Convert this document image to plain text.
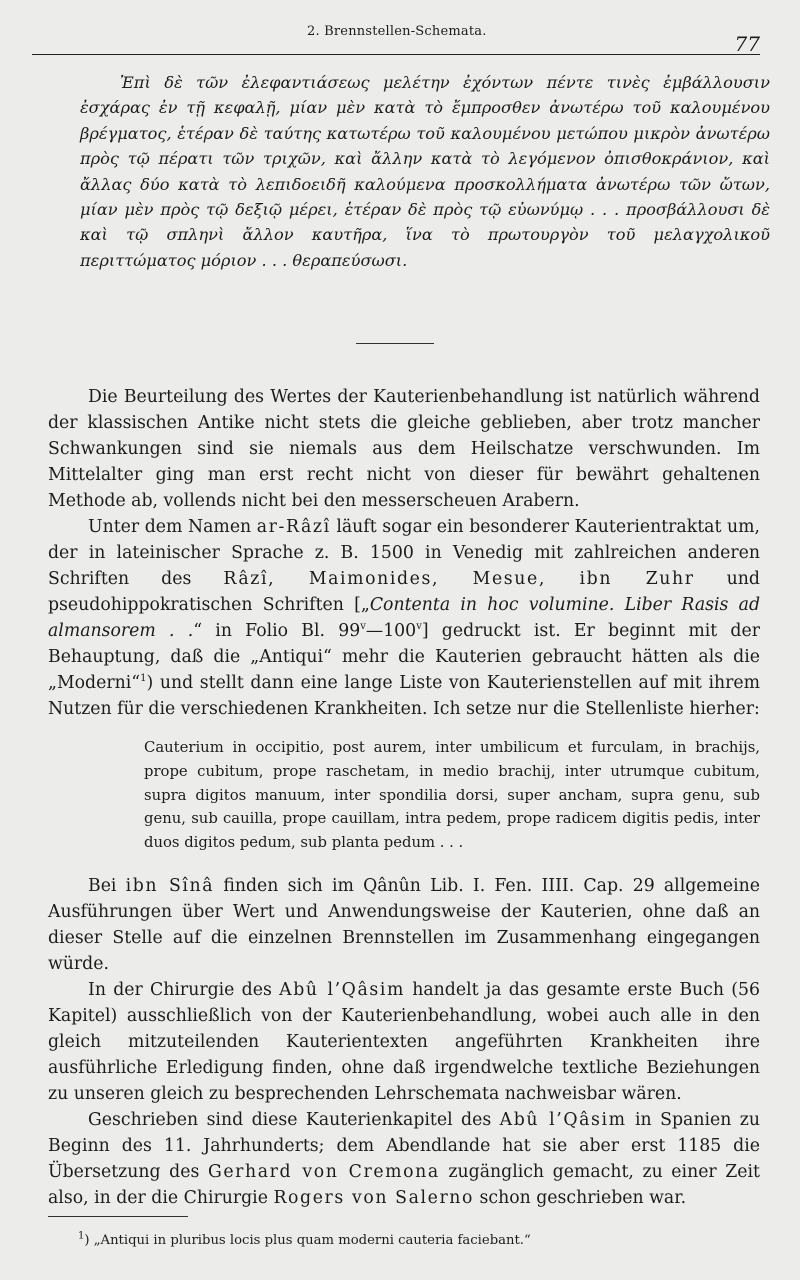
2. Brennstellen-Schemata.
77

Ἐπὶ δὲ τῶν ἐλεφαντιάσεως μελέτην ἐχόντων πέντε τινὲς ἐμβάλλουσιν ἐσχάρας ἐν τῇ κεφαλῇ, μίαν μὲν κατὰ τὸ ἔμπροσθεν ἀνωτέρω τοῦ καλουμένου βρέγματος, ἑτέραν δὲ ταύτης κατωτέρω τοῦ καλουμένου μετώπου μικρὸν ἀνωτέρω πρὸς τῷ πέρατι τῶν τριχῶν, καὶ ἄλλην κατὰ τὸ λεγόμενον ὀπισθοκράνιον, καὶ ἄλλας δύο κατὰ τὸ λεπιδοειδῆ καλούμενα προσκολλήματα ἀνωτέρω τῶν ὤτων, μίαν μὲν πρὸς τῷ δεξιῷ μέρει, ἑτέραν δὲ πρὸς τῷ εὐωνύμῳ . . . προσβάλλουσι δὲ καὶ τῷ σπληνὶ ἄλλον καυτῆρα, ἵνα τὸ πρωτουργὸν τοῦ μελαγχολικοῦ περιττώματος μόριον . . . θεραπεύσωσι.

Die Beurteilung des Wertes der Kauterienbehandlung ist natürlich während der klassischen Antike nicht stets die gleiche geblieben, aber trotz mancher Schwankungen sind sie niemals aus dem Heilschatze verschwunden. Im Mittelalter ging man erst recht nicht von dieser für bewährt gehaltenen Methode ab, vollends nicht bei den messerscheuen Arabern.

Unter dem Namen ar-Râzî läuft sogar ein besonderer Kauterientraktat um, der in lateinischer Sprache z. B. 1500 in Venedig mit zahlreichen anderen Schriften des Râzî, Maimonides, Mesue, ibn Zuhr und pseudohippokratischen Schriften [„Contenta in hoc volumine. Liber Rasis ad almansorem . .“ in Folio Bl. 99$^v$—100$^v$] gedruckt ist. Er beginnt mit der Behauptung, daß die „Antiqui“ mehr die Kauterien gebraucht hätten als die „Moderni“$^1$) und stellt dann eine lange Liste von Kauterienstellen auf mit ihrem Nutzen für die verschiedenen Krankheiten. Ich setze nur die Stellenliste hierher:

Cauterium in occipitio, post aurem, inter umbilicum et furculam, in brachijs, prope cubitum, prope raschetam, in medio brachij, inter utrumque cubitum, supra digitos manuum, inter spondilia dorsi, super ancham, supra genu, sub genu, sub cauilla, prope cauillam, intra pedem, prope radicem digitis pedis, inter duos digitos pedum, sub planta pedum . . .

Bei ibn Sînâ finden sich im Qânûn Lib. I. Fen. IIII. Cap. 29 allgemeine Ausführungen über Wert und Anwendungsweise der Kauterien, ohne daß an dieser Stelle auf die einzelnen Brennstellen im Zusammenhang eingegangen würde.

In der Chirurgie des Abû l’Qâsim handelt ja das gesamte erste Buch (56 Kapitel) ausschließlich von der Kauterienbehandlung, wobei auch alle in den gleich mitzuteilenden Kauterientexten angeführten Krankheiten ihre ausführliche Erledigung finden, ohne daß irgendwelche textliche Beziehungen zu unseren gleich zu besprechenden Lehrschemata nachweisbar wären.

Geschrieben sind diese Kauterienkapitel des Abû l’Qâsim in Spanien zu Beginn des 11. Jahrhunderts; dem Abendlande hat sie aber erst 1185 die Übersetzung des Gerhard von Cremona zugänglich gemacht, zu einer Zeit also, in der die Chirurgie Rogers von Salerno schon geschrieben war.

$^1$) „Antiqui in pluribus locis plus quam moderni cauteria faciebant.“
